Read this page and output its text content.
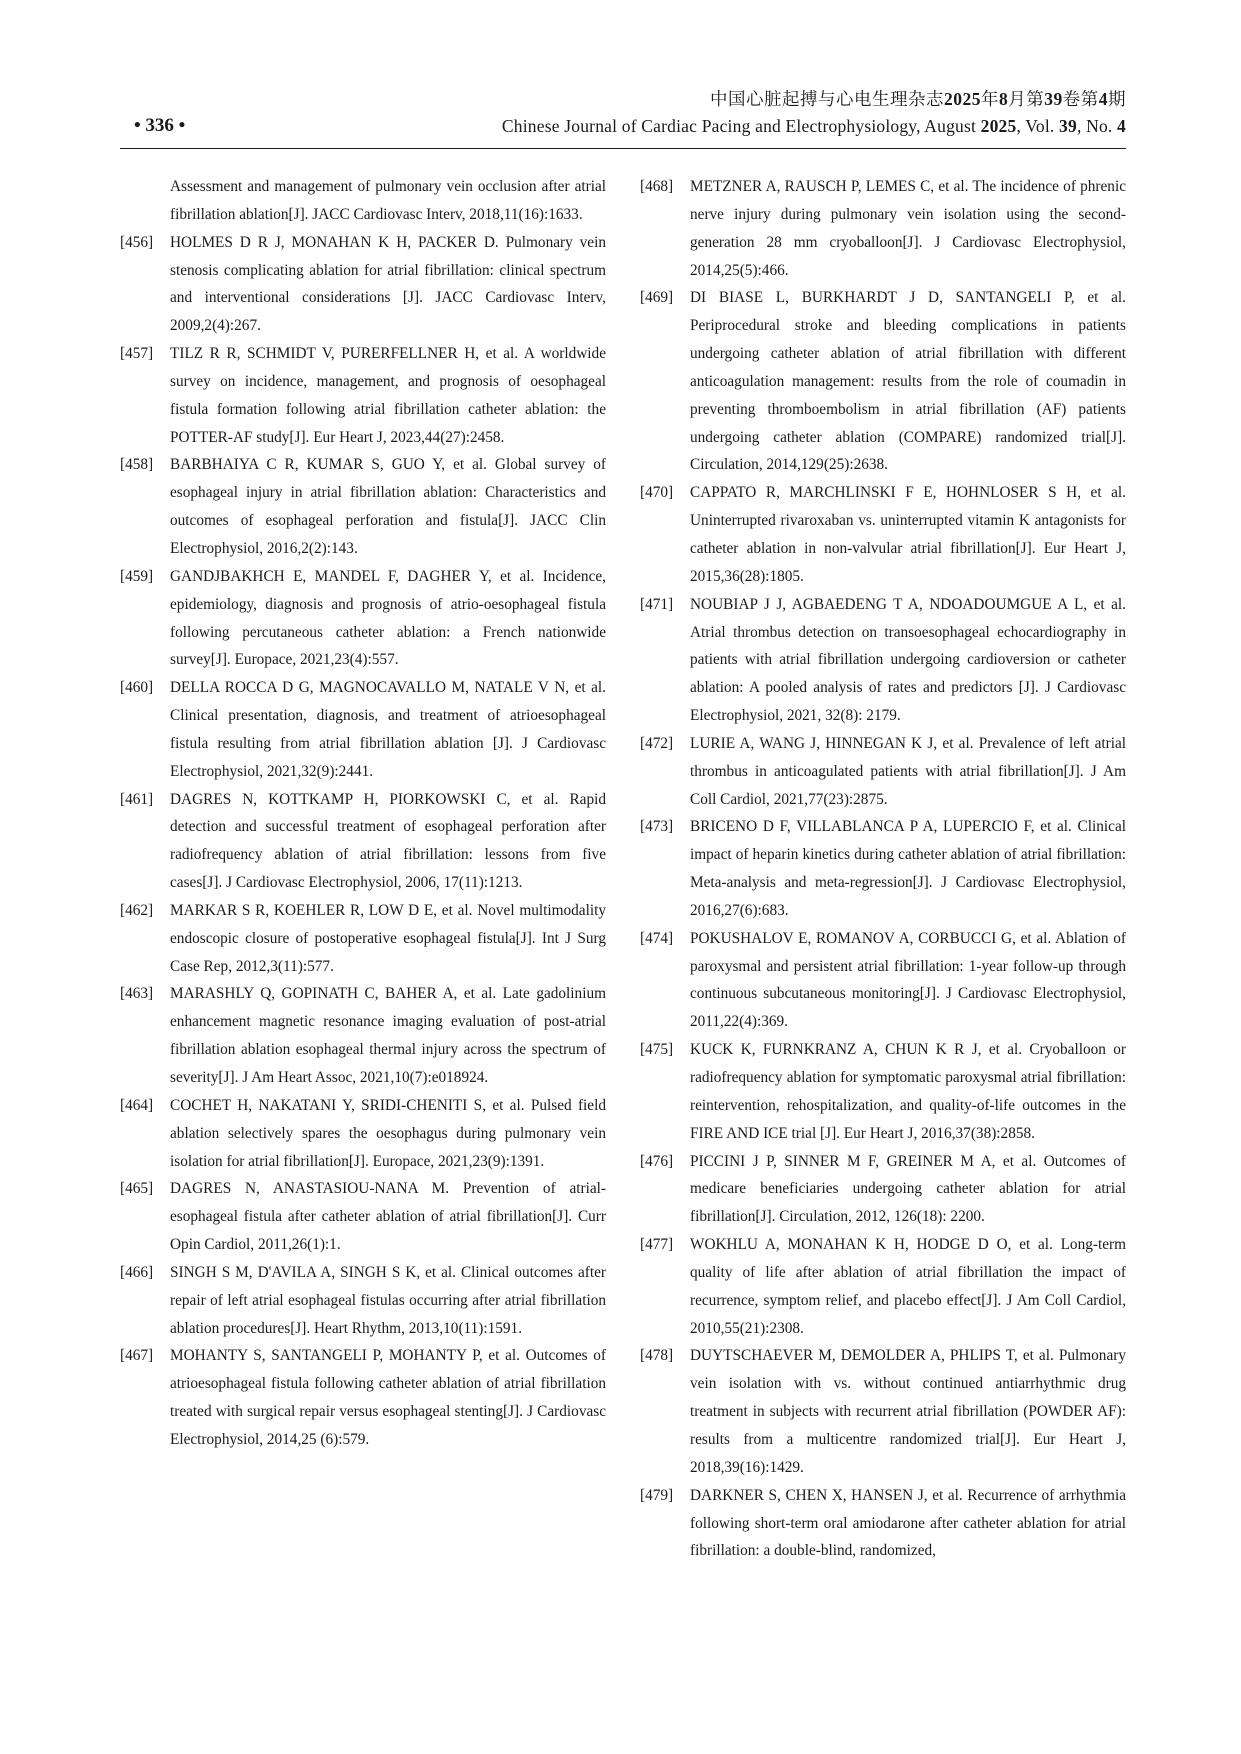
中国心脏起搏与心电生理杂志2025年8月第39卷第4期
• 336 •	Chinese Journal of Cardiac Pacing and Electrophysiology, August 2025, Vol. 39, No. 4
Assessment and management of pulmonary vein occlusion after atrial fibrillation ablation[J]. JACC Cardiovasc Interv, 2018,11(16):1633.
[456] HOLMES D R J, MONAHAN K H, PACKER D. Pulmonary vein stenosis complicating ablation for atrial fibrillation: clinical spectrum and interventional considerations [J]. JACC Cardiovasc Interv, 2009,2(4):267.
[457] TILZ R R, SCHMIDT V, PURERFELLNER H, et al. A worldwide survey on incidence, management, and prognosis of oesophageal fistula formation following atrial fibrillation catheter ablation: the POTTER-AF study[J]. Eur Heart J, 2023,44(27):2458.
[458] BARBHAIYA C R, KUMAR S, GUO Y, et al. Global survey of esophageal injury in atrial fibrillation ablation: Characteristics and outcomes of esophageal perforation and fistula[J]. JACC Clin Electrophysiol, 2016,2(2):143.
[459] GANDJBAKHCH E, MANDEL F, DAGHER Y, et al. Incidence, epidemiology, diagnosis and prognosis of atrio-oesophageal fistula following percutaneous catheter ablation: a French nationwide survey[J]. Europace, 2021,23(4):557.
[460] DELLA ROCCA D G, MAGNOCAVALLO M, NATALE V N, et al. Clinical presentation, diagnosis, and treatment of atrioesophageal fistula resulting from atrial fibrillation ablation [J]. J Cardiovasc Electrophysiol, 2021,32(9):2441.
[461] DAGRES N, KOTTKAMP H, PIORKOWSKI C, et al. Rapid detection and successful treatment of esophageal perforation after radiofrequency ablation of atrial fibrillation: lessons from five cases[J]. J Cardiovasc Electrophysiol, 2006, 17(11):1213.
[462] MARKAR S R, KOEHLER R, LOW D E, et al. Novel multimodality endoscopic closure of postoperative esophageal fistula[J]. Int J Surg Case Rep, 2012,3(11):577.
[463] MARASHLY Q, GOPINATH C, BAHER A, et al. Late gadolinium enhancement magnetic resonance imaging evaluation of post-atrial fibrillation ablation esophageal thermal injury across the spectrum of severity[J]. J Am Heart Assoc, 2021,10(7):e018924.
[464] COCHET H, NAKATANI Y, SRIDI-CHENITI S, et al. Pulsed field ablation selectively spares the oesophagus during pulmonary vein isolation for atrial fibrillation[J]. Europace, 2021,23(9):1391.
[465] DAGRES N, ANASTASIOU-NANA M. Prevention of atrial-esophageal fistula after catheter ablation of atrial fibrillation[J]. Curr Opin Cardiol, 2011,26(1):1.
[466] SINGH S M, D'AVILA A, SINGH S K, et al. Clinical outcomes after repair of left atrial esophageal fistulas occurring after atrial fibrillation ablation procedures[J]. Heart Rhythm, 2013,10(11):1591.
[467] MOHANTY S, SANTANGELI P, MOHANTY P, et al. Outcomes of atrioesophageal fistula following catheter ablation of atrial fibrillation treated with surgical repair versus esophageal stenting[J]. J Cardiovasc Electrophysiol, 2014,25 (6):579.
[468] METZNER A, RAUSCH P, LEMES C, et al. The incidence of phrenic nerve injury during pulmonary vein isolation using the second-generation 28 mm cryoballoon[J]. J Cardiovasc Electrophysiol, 2014,25(5):466.
[469] DI BIASE L, BURKHARDT J D, SANTANGELI P, et al. Periprocedural stroke and bleeding complications in patients undergoing catheter ablation of atrial fibrillation with different anticoagulation management: results from the role of coumadin in preventing thromboembolism in atrial fibrillation (AF) patients undergoing catheter ablation (COMPARE) randomized trial[J]. Circulation, 2014,129(25):2638.
[470] CAPPATO R, MARCHLINSKI F E, HOHNLOSER S H, et al. Uninterrupted rivaroxaban vs. uninterrupted vitamin K antagonists for catheter ablation in non-valvular atrial fibrillation[J]. Eur Heart J, 2015,36(28):1805.
[471] NOUBIAP J J, AGBAEDENG T A, NDOADOUMGUE A L, et al. Atrial thrombus detection on transoesophageal echocardiography in patients with atrial fibrillation undergoing cardioversion or catheter ablation: A pooled analysis of rates and predictors [J]. J Cardiovasc Electrophysiol, 2021, 32(8): 2179.
[472] LURIE A, WANG J, HINNEGAN K J, et al. Prevalence of left atrial thrombus in anticoagulated patients with atrial fibrillation[J]. J Am Coll Cardiol, 2021,77(23):2875.
[473] BRICENO D F, VILLABLANCA P A, LUPERCIO F, et al. Clinical impact of heparin kinetics during catheter ablation of atrial fibrillation: Meta-analysis and meta-regression[J]. J Cardiovasc Electrophysiol, 2016,27(6):683.
[474] POKUSHALOV E, ROMANOV A, CORBUCCI G, et al. Ablation of paroxysmal and persistent atrial fibrillation: 1-year follow-up through continuous subcutaneous monitoring[J]. J Cardiovasc Electrophysiol, 2011,22(4):369.
[475] KUCK K, FURNKRANZ A, CHUN K R J, et al. Cryoballoon or radiofrequency ablation for symptomatic paroxysmal atrial fibrillation: reintervention, rehospitalization, and quality-of-life outcomes in the FIRE AND ICE trial [J]. Eur Heart J, 2016,37(38):2858.
[476] PICCINI J P, SINNER M F, GREINER M A, et al. Outcomes of medicare beneficiaries undergoing catheter ablation for atrial fibrillation[J]. Circulation, 2012, 126(18): 2200.
[477] WOKHLU A, MONAHAN K H, HODGE D O, et al. Long-term quality of life after ablation of atrial fibrillation the impact of recurrence, symptom relief, and placebo effect[J]. J Am Coll Cardiol, 2010,55(21):2308.
[478] DUYTSCHAEVER M, DEMOLDER A, PHLIPS T, et al. Pulmonary vein isolation with vs. without continued antiarrhythmic drug treatment in subjects with recurrent atrial fibrillation (POWDER AF): results from a multicentre randomized trial[J]. Eur Heart J, 2018,39(16):1429.
[479] DARKNER S, CHEN X, HANSEN J, et al. Recurrence of arrhythmia following short-term oral amiodarone after catheter ablation for atrial fibrillation: a double-blind, randomized,
